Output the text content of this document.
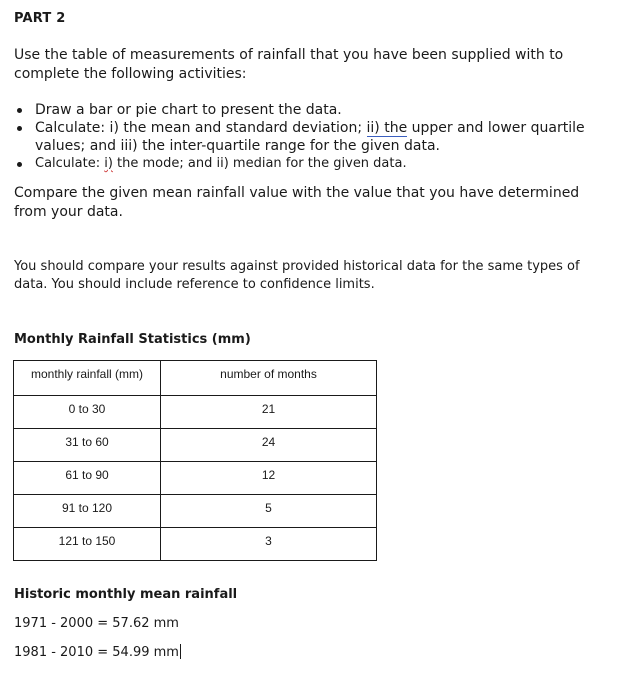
PART 2
Use the table of measurements of rainfall that you have been supplied with to complete the following activities:
Draw a bar or pie chart to present the data.
Calculate: i) the mean and standard deviation; ii) the upper and lower quartile values; and iii) the inter-quartile range for the given data.
Calculate: i) the mode; and ii) median for the given data.
Compare the given mean rainfall value with the value that you have determined from your data.
You should compare your results against provided historical data for the same types of data. You should include reference to confidence limits.
Monthly Rainfall Statistics (mm)
monthly rainfall (mm)	number of months

0 to 30	21

31 to 60	24

61 to 90	12

91 to 120	5

121 to 150	3
Historic monthly mean rainfall
1971 - 2000 = 57.62 mm
1981 - 2010 = 54.99 mm
